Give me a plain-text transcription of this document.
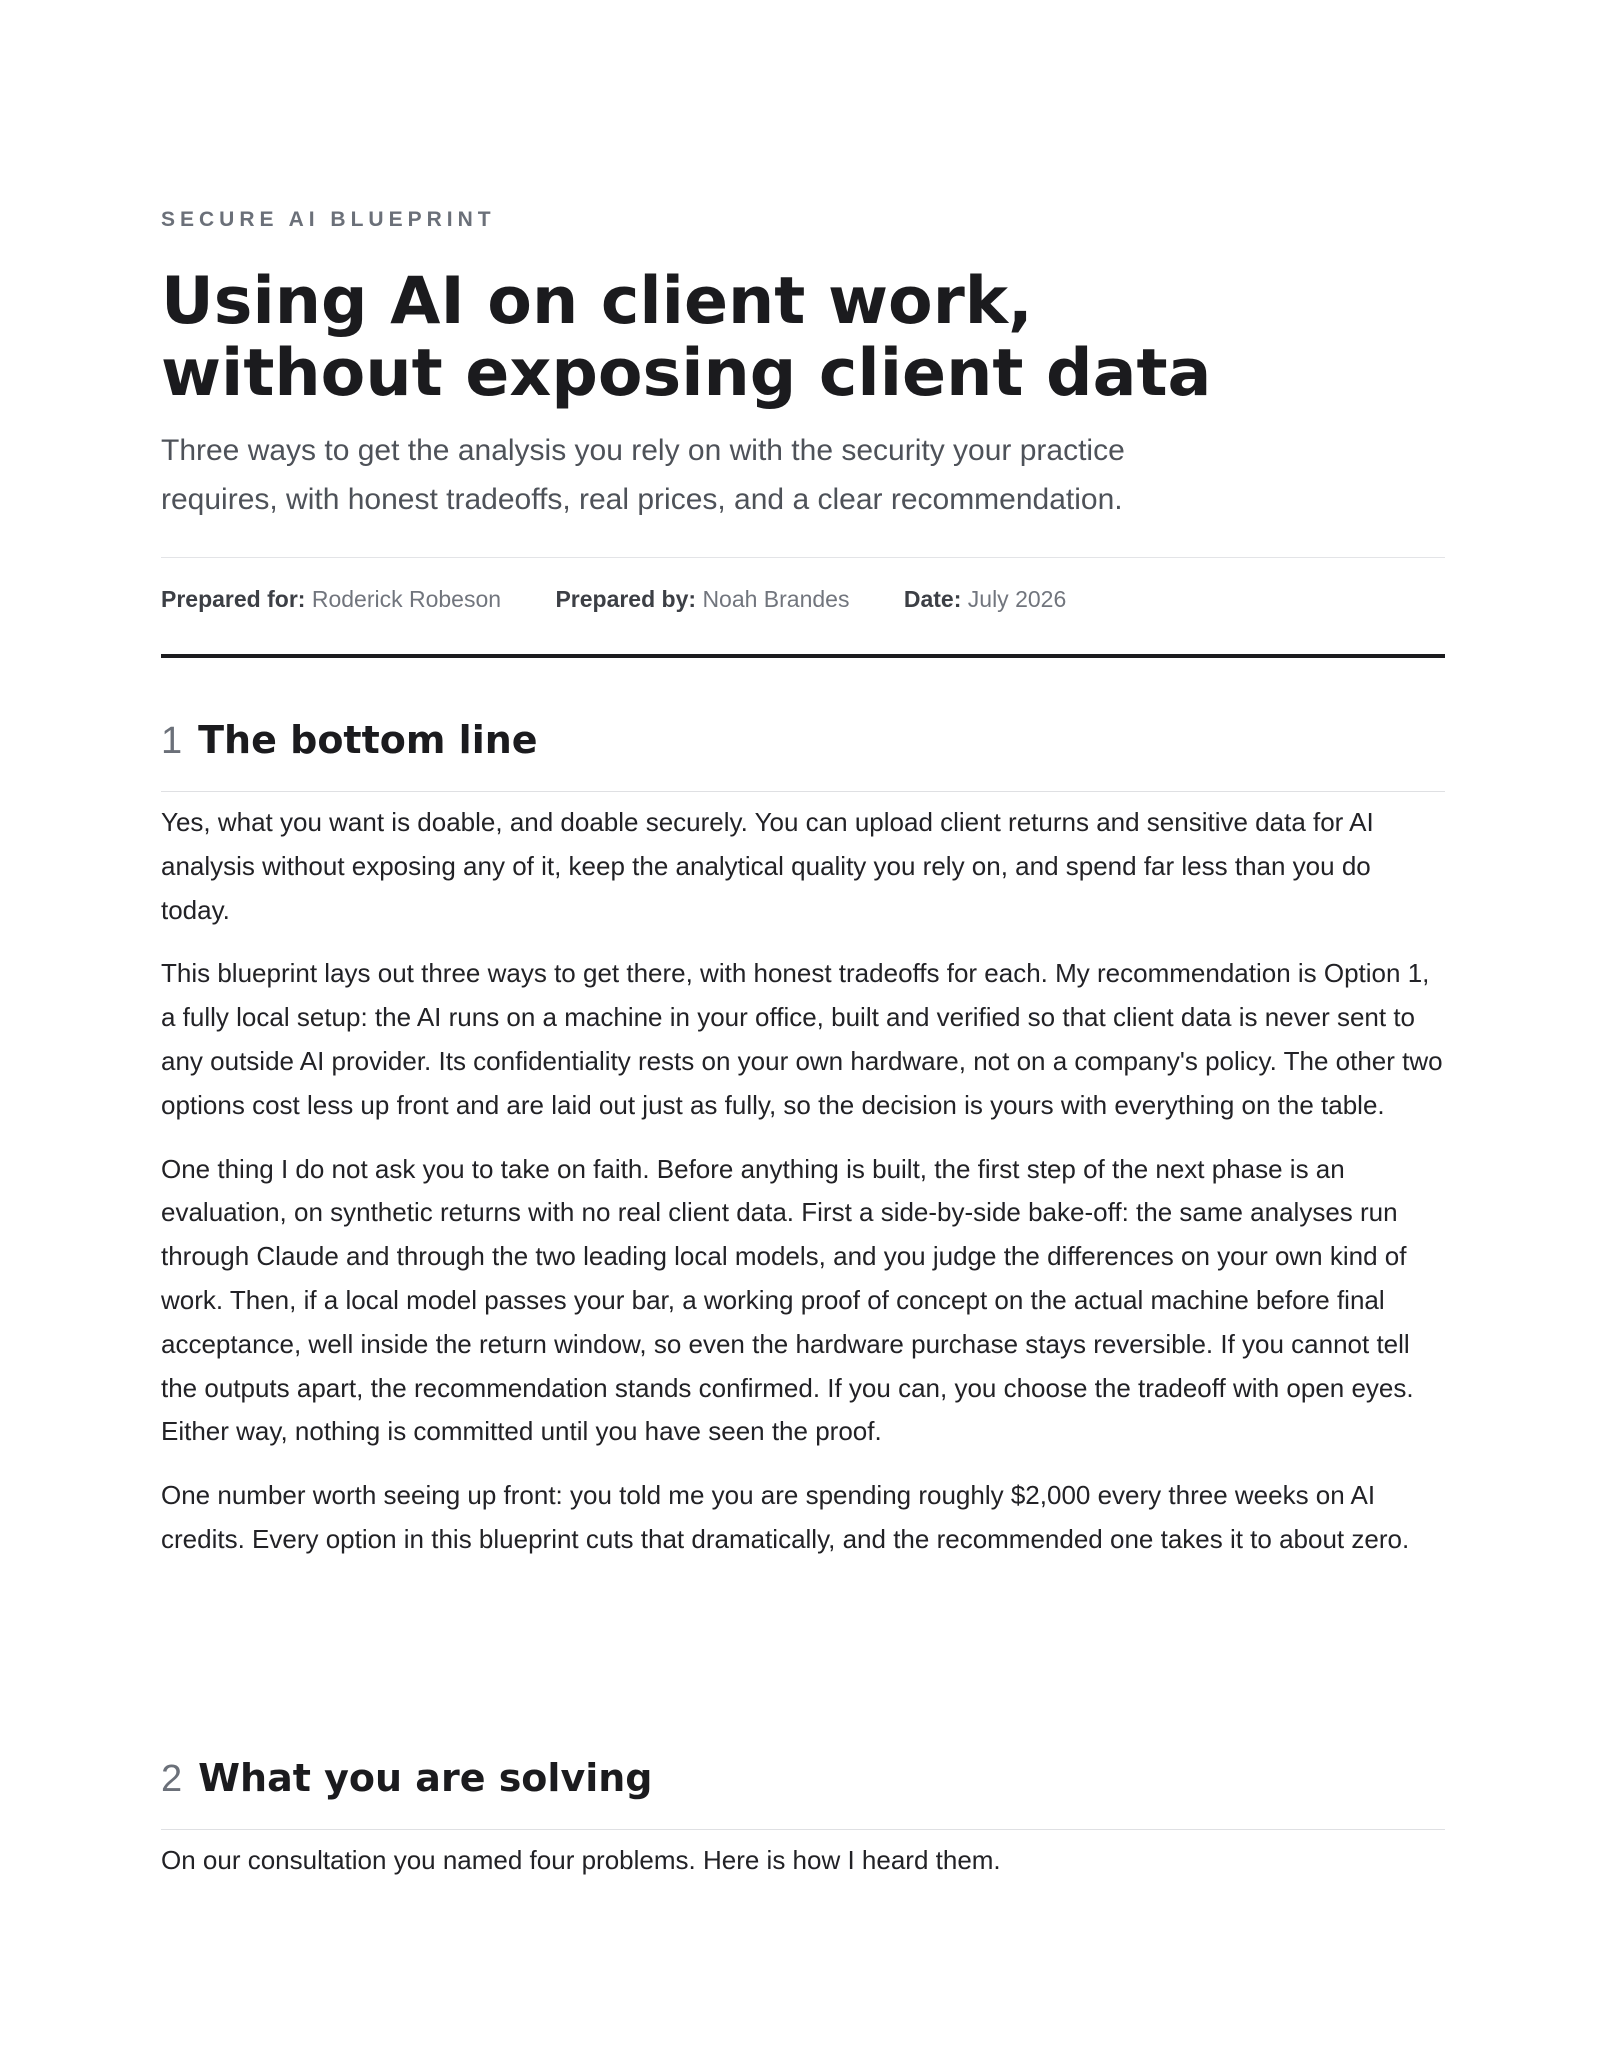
SECURE AI BLUEPRINT
Using AI on client work,
without exposing client data

Three ways to get the analysis you rely on with the security your practice requires, with honest tradeoffs, real prices, and a clear recommendation.

Prepared for: Roderick Robeson Prepared by: Noah Brandes Date: July 2026
1 The bottom line

Yes, what you want is doable, and doable securely. You can upload client returns and sensitive data for AI analysis without exposing any of it, keep the analytical quality you rely on, and spend far less than you do today.

This blueprint lays out three ways to get there, with honest tradeoffs for each. My recommendation is Option 1, a fully local setup: the AI runs on a machine in your office, built and verified so that client data is never sent to any outside AI provider. Its confidentiality rests on your own hardware, not on a company's policy. The other two options cost less up front and are laid out just as fully, so the decision is yours with everything on the table.

One thing I do not ask you to take on faith. Before anything is built, the first step of the next phase is an evaluation, on synthetic returns with no real client data. First a side-by-side bake-off: the same analyses run through Claude and through the two leading local models, and you judge the differences on your own kind of work. Then, if a local model passes your bar, a working proof of concept on the actual machine before final acceptance, well inside the return window, so even the hardware purchase stays reversible. If you cannot tell the outputs apart, the recommendation stands confirmed. If you can, you choose the tradeoff with open eyes. Either way, nothing is committed until you have seen the proof.

One number worth seeing up front: you told me you are spending roughly $2,000 every three weeks on AI credits. Every option in this blueprint cuts that dramatically, and the recommended one takes it to about zero.

2 What you are solving

On our consultation you named four problems. Here is how I heard them.
